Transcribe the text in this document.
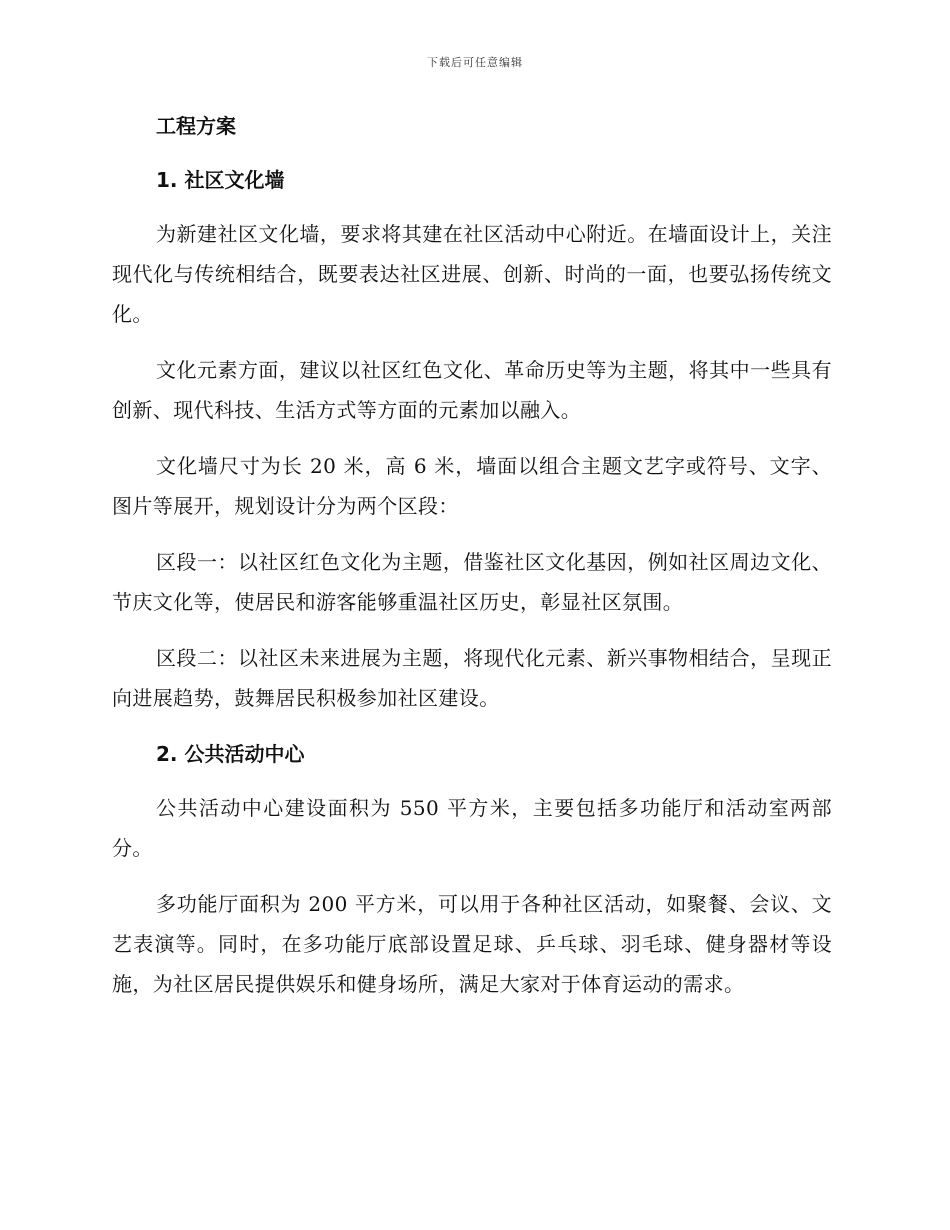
下载后可任意编辑
工程方案
1. 社区文化墙

为新建社区文化墙，要求将其建在社区活动中心附近。在墙面设计上，关注现代化与传统相结合，既要表达社区进展、创新、时尚的一面，也要弘扬传统文化。

文化元素方面，建议以社区红色文化、革命历史等为主题，将其中一些具有创新、现代科技、生活方式等方面的元素加以融入。

文化墙尺寸为长 20 米，高 6 米，墙面以组合主题文艺字或符号、文字、图片等展开，规划设计分为两个区段：

区段一：以社区红色文化为主题，借鉴社区文化基因，例如社区周边文化、节庆文化等，使居民和游客能够重温社区历史，彰显社区氛围。

区段二：以社区未来进展为主题，将现代化元素、新兴事物相结合，呈现正向进展趋势，鼓舞居民积极参加社区建设。

2. 公共活动中心

公共活动中心建设面积为 550 平方米，主要包括多功能厅和活动室两部分。

多功能厅面积为 200 平方米，可以用于各种社区活动，如聚餐、会议、文艺表演等。同时，在多功能厅底部设置足球、乒乓球、羽毛球、健身器材等设施，为社区居民提供娱乐和健身场所，满足大家对于体育运动的需求。
